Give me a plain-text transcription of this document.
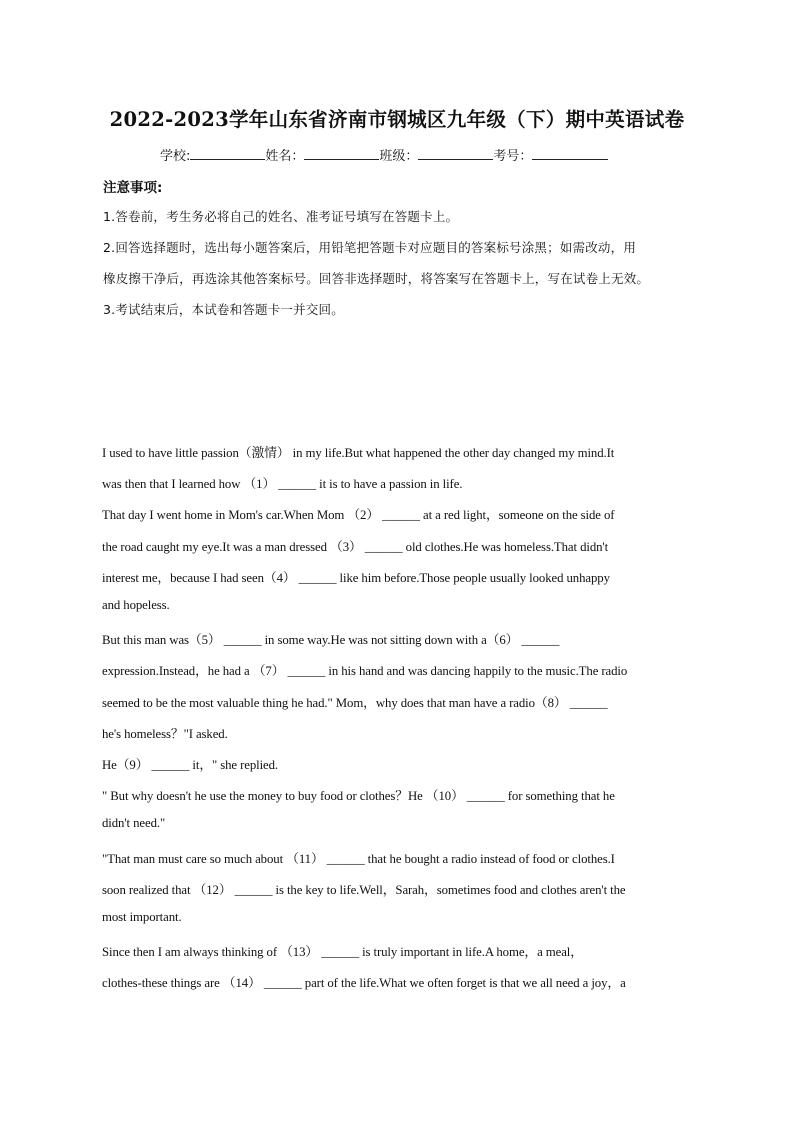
2022-2023学年山东省济南市钢城区九年级（下）期中英语试卷
学校:	姓名：	班级：	考号：
注意事项:
1.答卷前，考生务必将自己的姓名、准考证号填写在答题卡上。
2.回答选择题时，选出每小题答案后，用铅笔把答题卡对应题目的答案标号涂黑；如需改动，用
橡皮擦干净后，再选涂其他答案标号。回答非选择题时，将答案写在答题卡上，写在试卷上无效。
3.考试结束后，本试卷和答题卡一并交回。
I used to have little passion（激情） in my life.But what happened the other day changed my mind.It
was then that I learned how （1） ______ it is to have a passion in life.
That day I went home in Mom's car.When Mom （2） ______ at a red light，someone on the side of
the road caught my eye.It was a man dressed （3） ______ old clothes.He was homeless.That didn't
interest me，because I had seen（4） ______ like him before.Those people usually looked unhappy
and hopeless.
But this man was（5） ______ in some way.He was not sitting down with a（6） ______
expression.Instead，he had a （7） ______ in his hand and was dancing happily to the music.The radio
seemed to be the most valuable thing he had." Mom，why does that man have a radio（8） ______
he's homeless？"I asked.
He（9） ______ it，" she replied.
" But why doesn't he use the money to buy food or clothes？He （10） ______ for something that he
didn't need."
"That man must care so much about （11） ______ that he bought a radio instead of food or clothes.I
soon realized that （12） ______ is the key to life.Well，Sarah，sometimes food and clothes aren't the
most important.
Since then I am always thinking of （13） ______ is truly important in life.A home，a meal，
clothes-these things are （14） ______ part of the life.What we often forget is that we all need a joy，a
